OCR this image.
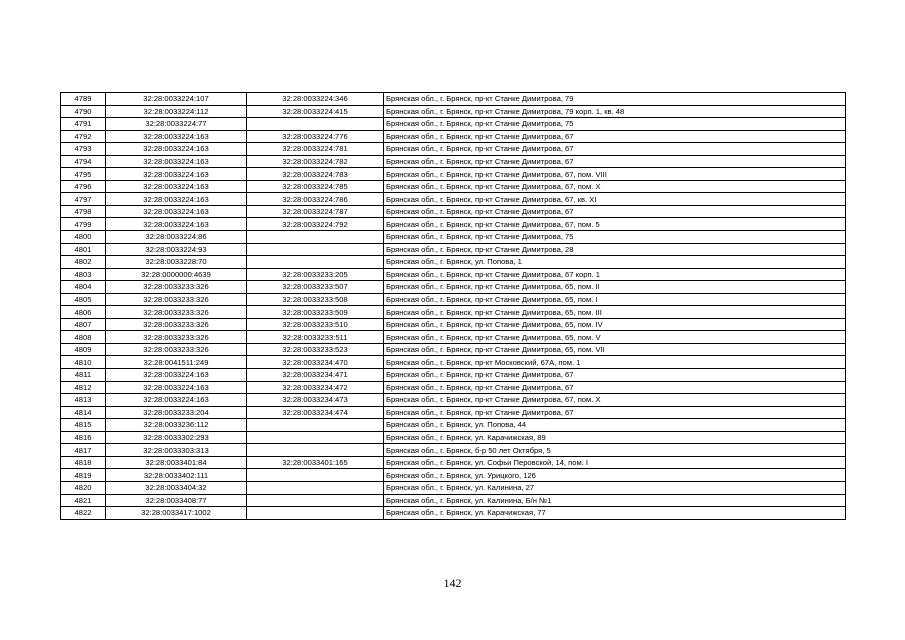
4789	32:28:0033224:107	32:28:0033224:346	Брянская обл., г. Брянск, пр-кт Станке Димитрова, 79
4790	32:28:0033224:112	32:28:0033224:415	Брянская обл., г. Брянск, пр-кт Станке Димитрова, 79 корп. 1, кв. 48
4791	32:28:0033224:77		Брянская обл., г. Брянск, пр-кт Станке Димитрова, 75
4792	32:28:0033224:163	32:28:0033224:776	Брянская обл., г. Брянск, пр-кт Станке Димитрова, 67
4793	32:28:0033224:163	32:28:0033224:781	Брянская обл., г. Брянск, пр-кт Станке Димитрова, 67
4794	32:28:0033224:163	32:28:0033224:782	Брянская обл., г. Брянск, пр-кт Станке Димитрова, 67
4795	32:28:0033224:163	32:28:0033224:783	Брянская обл., г. Брянск, пр-кт Станке Димитрова, 67, пом. VIII
4796	32:28:0033224:163	32:28:0033224:785	Брянская обл., г. Брянск, пр-кт Станке Димитрова, 67, пом. X
4797	32:28:0033224:163	32:28:0033224:786	Брянская обл., г. Брянск, пр-кт Станке Димитрова, 67, кв. XI
4798	32:28:0033224:163	32:28:0033224:787	Брянская обл., г. Брянск, пр-кт Станке Димитрова, 67
4799	32:28:0033224:163	32:28:0033224:792	Брянская обл., г. Брянск, пр-кт Станке Димитрова, 67, пом. 5
4800	32:28:0033224:86		Брянская обл., г. Брянск, пр-кт Станке Димитрова, 75
4801	32:28:0033224:93		Брянская обл., г. Брянск, пр-кт Станке Димитрова, 28
4802	32:28:0033228:70		Брянская обл., г. Брянск, ул. Попова, 1
4803	32:28:0000000:4639	32:28:0033233:205	Брянская обл., г. Брянск, пр-кт Станке Димитрова, 67 корп. 1
4804	32:28:0033233:326	32:28:0033233:507	Брянская обл., г. Брянск, пр-кт Станке Димитрова, 65, пом. II
4805	32:28:0033233:326	32:28:0033233:508	Брянская обл., г. Брянск, пр-кт Станке Димитрова, 65, пом. I
4806	32:28:0033233:326	32:28:0033233:509	Брянская обл., г. Брянск, пр-кт Станке Димитрова, 65, пом. III
4807	32:28:0033233:326	32:28:0033233:510	Брянская обл., г. Брянск, пр-кт Станке Димитрова, 65, пом. IV
4808	32:28:0033233:326	32:28:0033233:511	Брянская обл., г. Брянск, пр-кт Станке Димитрова, 65, пом. V
4809	32:28:0033233:326	32:28:0033233:523	Брянская обл., г. Брянск, пр-кт Станке Димитрова, 65, пом. VII
4810	32:28:0041511:249	32:28:0033234:470	Брянская обл., г. Брянск, пр-кт Московский, 67А, пом. 1
4811	32:28:0033224:163	32:28:0033234:471	Брянская обл., г. Брянск, пр-кт Станке Димитрова, 67
4812	32:28:0033224:163	32:28:0033234:472	Брянская обл., г. Брянск, пр-кт Станке Димитрова, 67
4813	32:28:0033224:163	32:28:0033234:473	Брянская обл., г. Брянск, пр-кт Станке Димитрова, 67, пом. X
4814	32:28:0033233:204	32:28:0033234:474	Брянская обл., г. Брянск, пр-кт Станке Димитрова, 67
4815	32:28:0033236:112		Брянская обл., г. Брянск, ул. Попова, 44
4816	32:28:0033302:293		Брянская обл., г. Брянск, ул. Карачижская, 89
4817	32:28:0033303:313		Брянская обл., г. Брянск, б-р 50 лет Октября, 5
4818	32:28:0033401:84	32:28:0033401:165	Брянская обл., г. Брянск, ул. Софьи Перовской, 14, пом. I
4819	32:28:0033402:111		Брянская обл., г. Брянск, ул. Урицкого, 126
4820	32:28:0033404:32		Брянская обл., г. Брянск, ул. Калинина, 27
4821	32:28:0033408:77		Брянская обл., г. Брянск, ул. Калинина, Б/н №1
4822	32:28:0033417:1002		Брянская обл., г. Брянск, ул. Карачижская, 77
142
